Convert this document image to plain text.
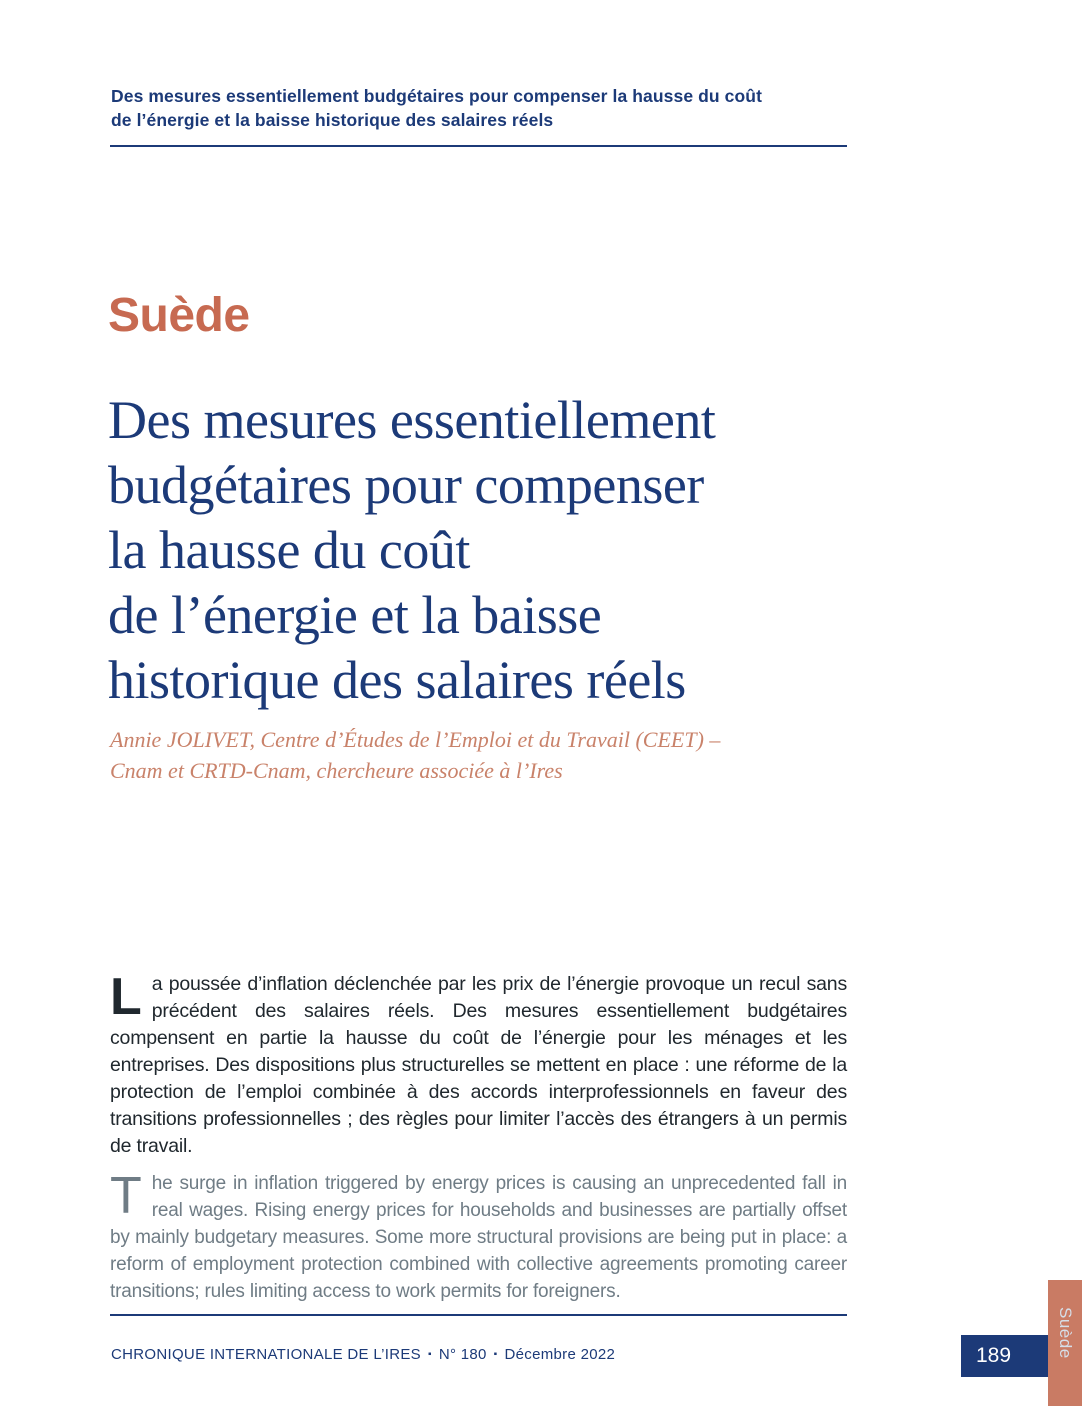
Des mesures essentiellement budgétaires pour compenser la hausse du coût
de l’énergie et la baisse historique des salaires réels
Suède
Des mesures essentiellement
budgétaires pour compenser
la hausse du coût
de l’énergie et la baisse
historique des salaires réels
Annie JOLIVET, Centre d’Études de l’Emploi et du Travail (CEET) –
Cnam et CRTD-Cnam, chercheure associée à l’Ires

La poussée d’inflation déclenchée par les prix de l’énergie provoque un recul sans précédent des salaires réels. Des mesures essentiellement budgétaires compensent en partie la hausse du coût de l’énergie pour les ménages et les entreprises. Des dispositions plus structurelles se mettent en place : une réforme de la protection de l’emploi combinée à des accords interprofessionnels en faveur des transitions professionnelles ; des règles pour limiter l’accès des étrangers à un permis de travail.

The surge in inflation triggered by energy prices is causing an unprecedented fall in real wages. Rising energy prices for households and businesses are partially offset by mainly budgetary measures. Some more structural provisions are being put in place: a reform of employment protection combined with collective agreements promoting career transitions; rules limiting access to work permits for foreigners.

CHRONIQUE INTERNATIONALE DE L’IRES ▪ N° 180 ▪ Décembre 2022	189	Suède
